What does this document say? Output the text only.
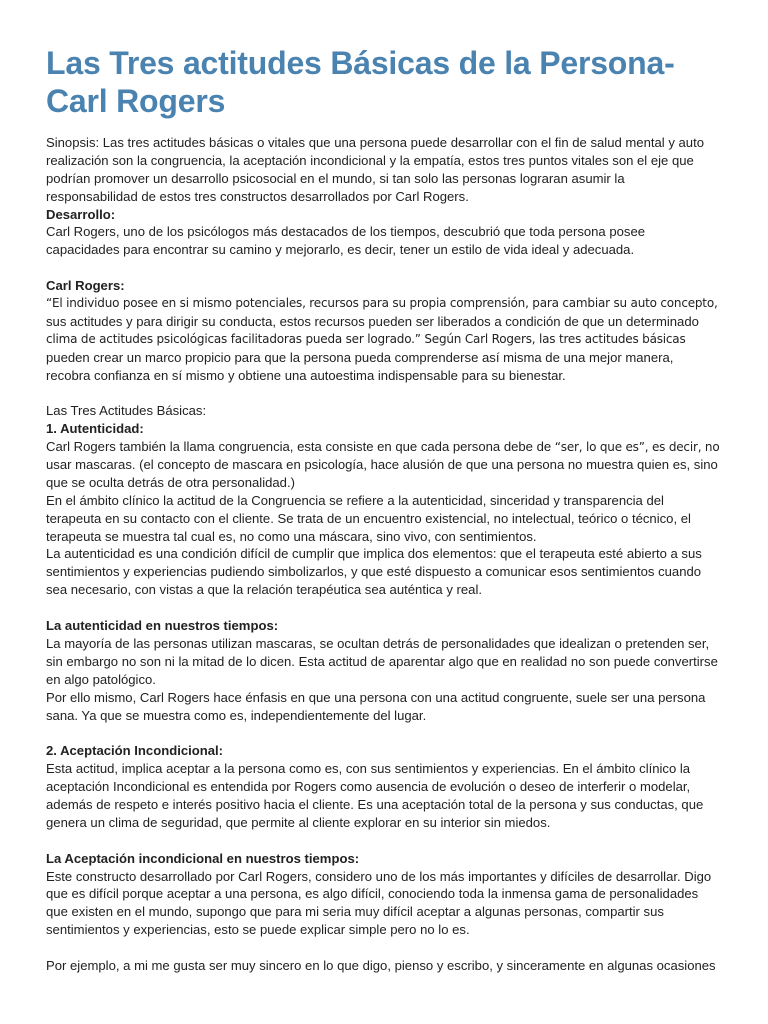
Las Tres actitudes Básicas de la Persona- Carl Rogers
Sinopsis: Las tres actitudes básicas o vitales que una persona puede desarrollar con el fin de salud mental y auto
realización son la congruencia, la aceptación incondicional y la empatía, estos tres puntos vitales son el eje que
podrían promover un desarrollo psicosocial en el mundo, si tan solo las personas lograran asumir la
responsabilidad de estos tres constructos desarrollados por Carl Rogers.
Desarrollo:
Carl Rogers, uno de los psicólogos más destacados de los tiempos, descubrió que toda persona posee
capacidades para encontrar su camino y mejorarlo, es decir, tener un estilo de vida ideal y adecuada.
Carl Rogers:
“El individuo posee en si mismo potenciales, recursos para su propia comprensión, para cambiar su auto concepto,
sus actitudes y para dirigir su conducta, estos recursos pueden ser liberados a condición de que un determinado
clima de actitudes psicológicas facilitadoras pueda ser logrado.” Según Carl Rogers, las tres actitudes básicas
pueden crear un marco propicio para que la persona pueda comprenderse así misma de una mejor manera,
recobra confianza en sí mismo y obtiene una autoestima indispensable para su bienestar.
Las Tres Actitudes Básicas:
1. Autenticidad:
Carl Rogers también la llama congruencia, esta consiste en que cada persona debe de “ser, lo que es”, es decir, no
usar mascaras. (el concepto de mascara en psicología, hace alusión de que una persona no muestra quien es, sino
que se oculta detrás de otra personalidad.)
En el ámbito clínico la actitud de la Congruencia se refiere a la autenticidad, sinceridad y transparencia del
terapeuta en su contacto con el cliente. Se trata de un encuentro existencial, no intelectual, teórico o técnico, el
terapeuta se muestra tal cual es, no como una máscara, sino vivo, con sentimientos.
La autenticidad es una condición difícil de cumplir que implica dos elementos: que el terapeuta esté abierto a sus
sentimientos y experiencias pudiendo simbolizarlos, y que esté dispuesto a comunicar esos sentimientos cuando
sea necesario, con vistas a que la relación terapéutica sea auténtica y real.
La autenticidad en nuestros tiempos:
La mayoría de las personas utilizan mascaras, se ocultan detrás de personalidades que idealizan o pretenden ser,
sin embargo no son ni la mitad de lo dicen. Esta actitud de aparentar algo que en realidad no son puede convertirse
en algo patológico.
Por ello mismo, Carl Rogers hace énfasis en que una persona con una actitud congruente, suele ser una persona
sana. Ya que se muestra como es, independientemente del lugar.
2. Aceptación Incondicional:
Esta actitud, implica aceptar a la persona como es, con sus sentimientos y experiencias. En el ámbito clínico la
aceptación Incondicional es entendida por Rogers como ausencia de evolución o deseo de interferir o modelar,
además de respeto e interés positivo hacia el cliente. Es una aceptación total de la persona y sus conductas, que
genera un clima de seguridad, que permite al cliente explorar en su interior sin miedos.
La Aceptación incondicional en nuestros tiempos:
Este constructo desarrollado por Carl Rogers, considero uno de los más importantes y difíciles de desarrollar. Digo
que es difícil porque aceptar a una persona, es algo difícil, conociendo toda la inmensa gama de personalidades
que existen en el mundo, supongo que para mi seria muy difícil aceptar a algunas personas, compartir sus
sentimientos y experiencias, esto se puede explicar simple pero no lo es.
Por ejemplo, a mi me gusta ser muy sincero en lo que digo, pienso y escribo, y sinceramente en algunas ocasiones
